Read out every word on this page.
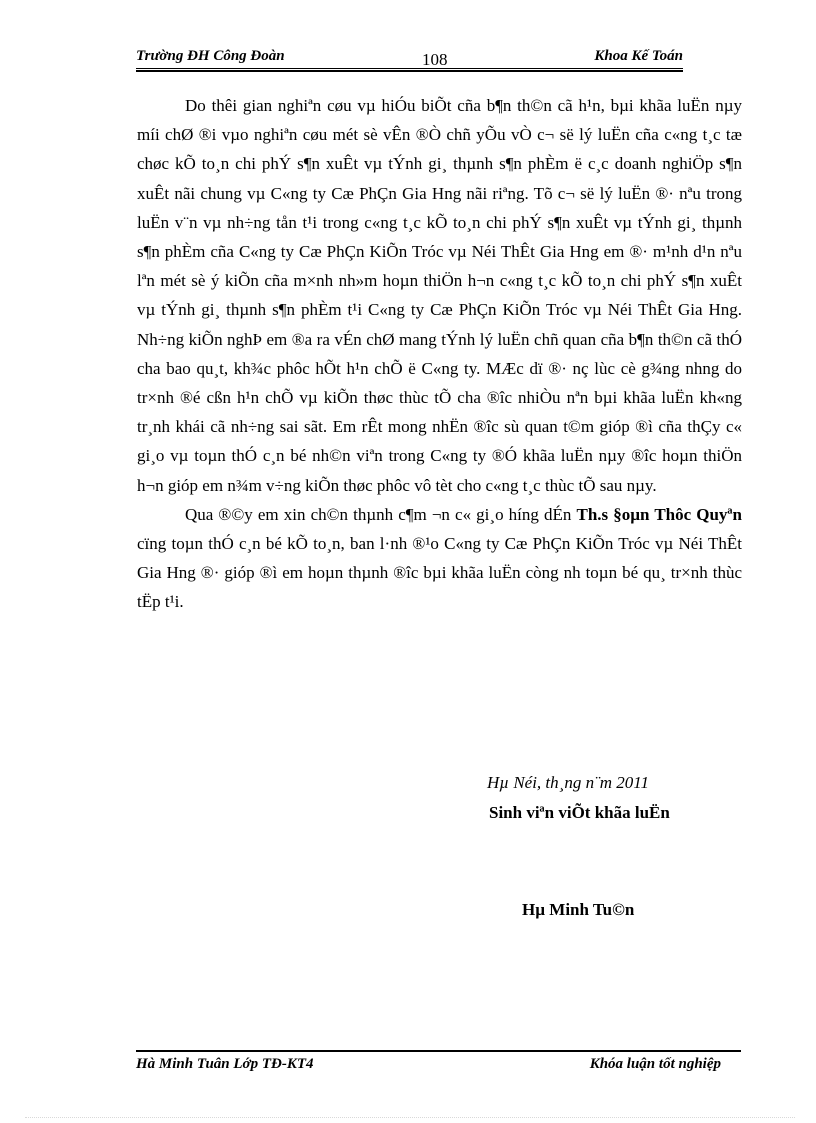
Trường ĐH Công Đoàn	108	Khoa Kế Toán

Do thêi gian nghiªn cøu vµ hiÓu biÕt cña b¶n th©n cã h¹n, bµi khãa luËn nµy míi chØ ®i vµo nghiªn cøu mét sè vÊn ®Ò chñ yÕu vÒ c¬ së lý luËn cña c«ng t¸c tæ chøc kÕ to¸n chi phÝ s¶n xuÊt vµ tÝnh gi¸ thµnh s¶n phÈm ë c¸c doanh nghiÖp s¶n xuÊt nãi chung vµ C«ng ty Cæ PhÇn Gia Hng nãi riªng. Tõ c¬ së lý luËn ®· nªu trong luËn v¨n vµ nh÷ng tån t¹i trong c«ng t¸c kÕ to¸n chi phÝ s¶n xuÊt vµ tÝnh gi¸ thµnh s¶n phÈm cña C«ng ty Cæ PhÇn KiÕn Tróc vµ Néi ThÊt Gia Hng em ®· m¹nh d¹n nªu lªn mét sè ý kiÕn cña m×nh nh»m hoµn thiÖn h¬n c«ng t¸c kÕ to¸n chi phÝ s¶n xuÊt vµ tÝnh gi¸ thµnh s¶n phÈm t¹i C«ng ty Cæ PhÇn KiÕn Tróc vµ Néi ThÊt Gia Hng. Nh÷ng kiÕn nghÞ em ®a ra vÉn chØ mang tÝnh lý luËn chñ quan cña b¶n th©n cã thÓ cha bao qu¸t, kh¾c phôc hÕt h¹n chÕ ë C«ng ty. MÆc dï ®· nç lùc cè g¾ng nhng do tr×nh ®é cßn h¹n chÕ vµ kiÕn thøc thùc tÕ cha ®îc nhiÒu nªn bµi khãa luËn kh«ng tr¸nh khái cã nh÷ng sai sãt. Em rÊt mong nhËn ®îc sù quan t©m gióp ®ì cña thÇy c« gi¸o vµ toµn thÓ c¸n bé nh©n viªn trong C«ng ty ®Ó khãa luËn nµy ®îc hoµn thiÖn h¬n gióp em n¾m v÷ng kiÕn thøc phôc vô tèt cho c«ng t¸c thùc tÕ sau nµy.

Qua ®©y em xin ch©n thµnh c¶m ¬n c« gi¸o híng dÉn Th.s §oµn Thôc Quyªn cïng toµn thÓ c¸n bé kÕ to¸n, ban l·nh ®¹o C«ng ty Cæ PhÇn KiÕn Tróc vµ Néi ThÊt Gia Hng ®· gióp ®ì em hoµn thµnh ®îc bµi khãa luËn còng nh toµn bé qu¸ tr×nh thùc tËp t¹i.

Hµ Néi, th¸ng n¨m 2011
Sinh viªn viÕt khãa luËn
Hµ Minh Tu©n
Hà Minh Tuân Lớp TĐ-KT4	Khóa luận tốt nghiệp
